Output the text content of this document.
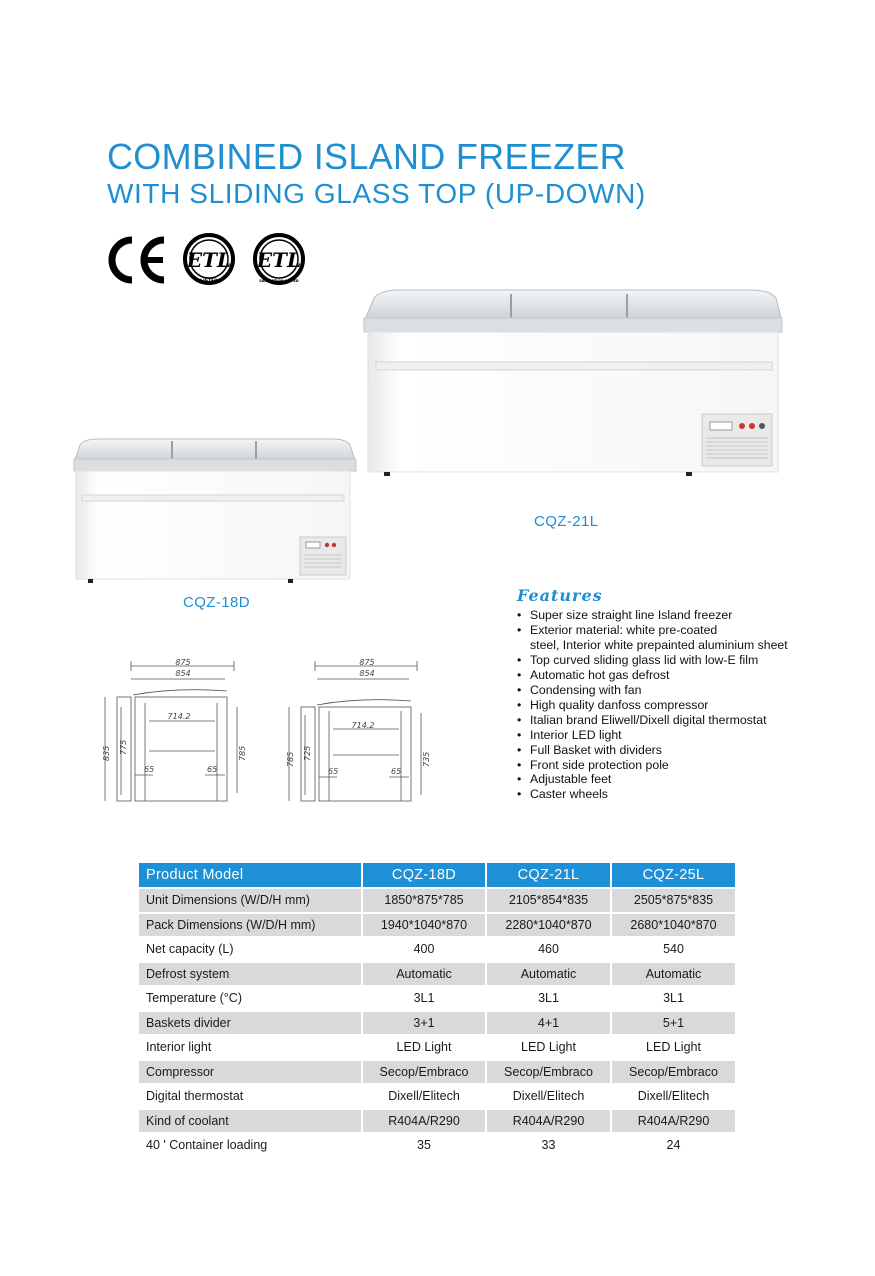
COMBINED ISLAND FREEZER
WITH SLIDING GLASS TOP (UP-DOWN)
ETL
LISTED
ETL
SANITATION LISTED
CQZ-21L
CQZ-18D
875
854
714.2
65	65
835 775	785
875
854
714.2
65	65
785 725	735
Features
• Super size straight line Island freezer
• Exterior material: white pre-coated
steel, Interior white prepainted aluminium sheet
• Top curved sliding glass lid with low-E film
• Automatic hot gas defrost
• Condensing with fan
• High quality danfoss compressor
• Italian brand Eliwell/Dixell digital thermostat
• Interior LED light
• Full Basket with dividers
• Front side protection pole
• Adjustable feet
• Caster wheels
Product Model	CQZ-18D	CQZ-21L	CQZ-25L
Unit Dimensions (W/D/H mm)	1850*875*785	2105*854*835	2505*875*835
Pack Dimensions (W/D/H mm)	1940*1040*870	2280*1040*870	2680*1040*870
Net capacity (L)	400	460	540
Defrost system	Automatic	Automatic	Automatic
Temperature (°C)	3L1	3L1	3L1
Baskets divider	3+1	4+1	5+1
Interior light	LED Light	LED Light	LED Light
Compressor	Secop/Embraco	Secop/Embraco	Secop/Embraco
Digital thermostat	Dixell/Elitech	Dixell/Elitech	Dixell/Elitech
Kind of coolant	R404A/R290	R404A/R290	R404A/R290
40 ' Container loading	35	33	24
